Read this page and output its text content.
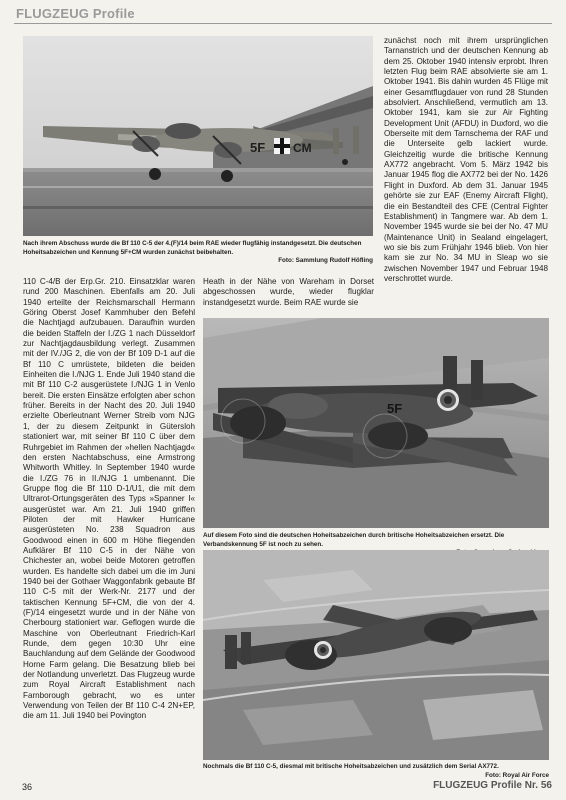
FLUGZEUG Profile

5F CM

Nach ihrem Abschuss wurde die Bf 110 C-5 der 4.(F)/14 beim RAE wieder flugfähig instandgesetzt. Die deutschen Hoheitsabzeichen und Kennung 5F+CM wurden zunächst beibehalten.
Foto: Sammlung Rudolf Höfling

110 C-4/B der Erp.Gr. 210. Einsatzklar waren rund 200 Maschinen. Ebenfalls am 20. Juli 1940 erteilte der Reichsmarschall Hermann Göring Oberst Josef Kammhuber den Befehl die Nachtjagd aufzubauen. Daraufhin wurden die beiden Staffeln der I./ZG 1 nach Düsseldorf zur Nachtjagdausbildung verlegt. Zusammen mit der IV./JG 2, die von der Bf 109 D-1 auf die Bf 110 C umrüstete, bildeten die beiden Einheiten die I./NJG 1. Ende Juli 1940 stand die mit Bf 110 C-2 ausgerüstete I./NJG 1 in Venlo bereit. Die ersten Einsätze erfolgten aber schon früher. Bereits in der Nacht des 20. Juli 1940 erzielte Oberleutnant Werner Streib vom NJG 1, der zu diesem Zeitpunkt in Gütersloh stationiert war, mit seiner Bf 110 C über dem Ruhrgebiet im Rahmen der »hellen Nachtjagd« den ersten Nachtabschuss, eine Armstrong Whitworth Whitley. In September 1940 wurde die I./ZG 76 in II./NJG 1 umbenannt. Die Gruppe flog die Bf 110 D-1/U1, die mit dem Ultrarot-Ortungsgeräten des Typs »Spanner I« ausgerüstet war. Am 21. Juli 1940 griffen Piloten der mit Hawker Hurricane ausgerüsteten No. 238 Squadron aus Goodwood einen in 600 m Höhe fliegenden Aufklärer Bf 110 C-5 in der Nähe von Chichester an, wobei beide Motoren getroffen wurden. Es handelte sich dabei um die im Juni 1940 bei der Gothaer Waggonfabrik gebaute Bf 110 C-5 mit der Werk-Nr. 2177 und der taktischen Kennung 5F+CM, die von der 4.(F)/14 eingesetzt wurde und in der Nähe von Cherbourg stationiert war. Geflogen wurde die Maschine von Oberleutnant Friedrich-Karl Runde, dem gegen 10:30 Uhr eine Bauchlandung auf dem Gelände der Goodwood Horne Farm gelang. Die Besatzung blieb bei der Notlandung unverletzt. Das Flugzeug wurde zum Royal Aircraft Establishment nach Farnborough gebracht, wo es unter Verwendung von Teilen der Bf 110 C-4 2N+EP, die am 11. Juli 1940 bei Povington

Heath in der Nähe von Wareham in Dorset abgeschossen wurde, wieder flugklar instandgesetzt wurde. Beim RAE wurde sie

zunächst noch mit ihrem ursprünglichen Tarnanstrich und der deutschen Kennung ab dem 25. Oktober 1940 intensiv erprobt. Ihren letzten Flug beim RAE absolvierte sie am 1. Oktober 1941. Bis dahin wurden 45 Flüge mit einer Gesamtflugdauer von rund 28 Stunden absolviert. Anschließend, vermutlich am 13. Oktober 1941, kam sie zur Air Fighting Development Unit (AFDU) in Duxford, wo die Oberseite mit dem Tarnschema der RAF und die Unterseite gelb lackiert wurde. Gleichzeitig wurde die britische Kennung AX772 angebracht. Vom 5. März 1942 bis Januar 1945 flog die AX772 bei der No. 1426 Flight in Duxford. Ab dem 31. Januar 1945 gehörte sie zur EAF (Enemy Aircraft Flight), die ein Bestandteil des CFE (Central Fighter Establishment) in Tangmere war. Ab dem 1. November 1945 wurde sie bei der No. 47 MU (Maintenance Unit) in Sealand eingelagert, wo sie bis zum Frühjahr 1946 blieb. Von hier kam sie zur No. 34 MU in Sleap wo sie zwischen November 1947 und Februar 1948 verschrottet wurde.

5F

Auf diesem Foto sind die deutschen Hoheitsabzeichen durch britische Hoheitsabzeichen ersetzt. Die Verbandskennung 5F ist noch zu sehen.

Nochmals die Bf 110 C-5, diesmal mit britische Hoheitsabzeichen und zusätzlich dem Serial AX772.
Foto: Royal Air Force

36	FLUGZEUG Profile Nr. 56
